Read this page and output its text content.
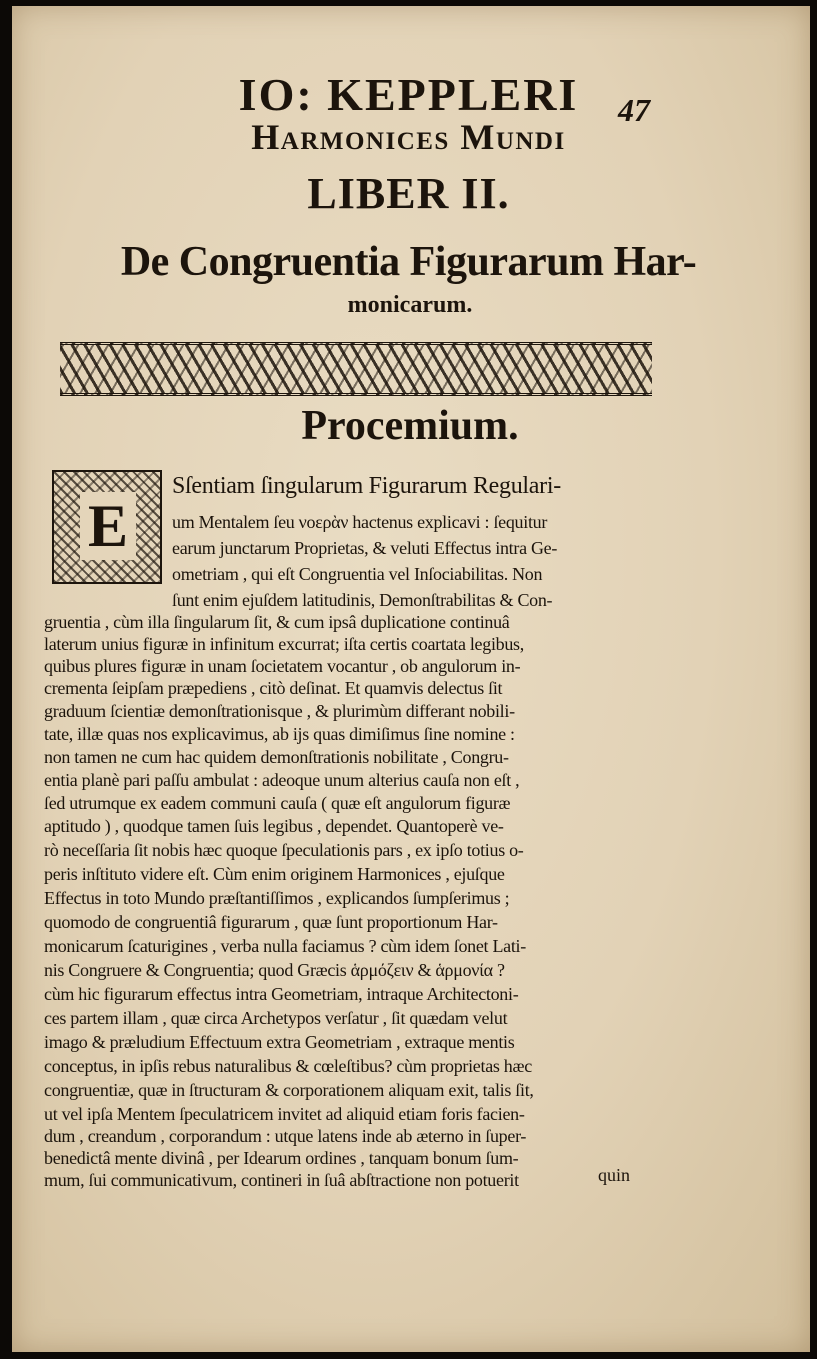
47
IO: KEPPLERI
Harmonices Mundi
LIBER II.
De Congruentia Figurarum Har-
monicarum.
Procemium.
E
Sſentiam ſingularum Figurarum Regulari-
um Mentalem ſeu νοερὰν hactenus explicavi : ſequitur
earum junctarum Proprietas, & veluti Effectus intra Ge-
ometriam , qui eſt Congruentia vel Inſociabilitas. Non
ſunt enim ejuſdem latitudinis, Demonſtrabilitas & Con-
gruentia , cùm illa ſingularum ſit, & cum ipsâ duplicatione continuâ
laterum unius figuræ in infinitum excurrat; iſta certis coartata legibus,
quibus plures figuræ in unam ſocietatem vocantur , ob angulorum in-
crementa ſeipſam præpediens , citò deſinat. Et quamvis delectus ſit
graduum ſcientiæ demonſtrationisque , & plurimùm differant nobili-
tate, illæ quas nos explicavimus, ab ijs quas dimiſimus ſine nomine :
non tamen ne cum hac quidem demonſtrationis nobilitate , Congru-
entia planè pari paſſu ambulat : adeoque unum alterius cauſa non eſt ,
ſed utrumque ex eadem communi cauſa ( quæ eſt angulorum figuræ
aptitudo ) , quodque tamen ſuis legibus , dependet. Quantoperè ve-
rò neceſſaria ſit nobis hæc quoque ſpeculationis pars , ex ipſo totius o-
peris inſtituto videre eſt. Cùm enim originem Harmonices , ejuſque
Effectus in toto Mundo præſtantiſſimos , explicandos ſumpſerimus ;
quomodo de congruentiâ figurarum , quæ ſunt proportionum Har-
monicarum ſcaturigines , verba nulla faciamus ? cùm idem ſonet Lati-
nis Congruere & Congruentia; quod Græcis ἁρμόζειν & ἁρμονία ?
cùm hic figurarum effectus intra Geometriam, intraque Architectoni-
ces partem illam , quæ circa Archetypos verſatur , ſit quædam velut
imago & præludium Effectuum extra Geometriam , extraque mentis
conceptus, in ipſis rebus naturalibus & cœleſtibus? cùm proprietas hæc
congruentiæ, quæ in ſtructuram & corporationem aliquam exit, talis ſit,
ut vel ipſa Mentem ſpeculatricem invitet ad aliquid etiam foris facien-
dum , creandum , corporandum : utque latens inde ab æterno in ſuper-
benedictâ mente divinâ , per Idearum ordines , tanquam bonum ſum-
mum, ſui communicativum, contineri in ſuâ abſtractione non potuerit	quin
